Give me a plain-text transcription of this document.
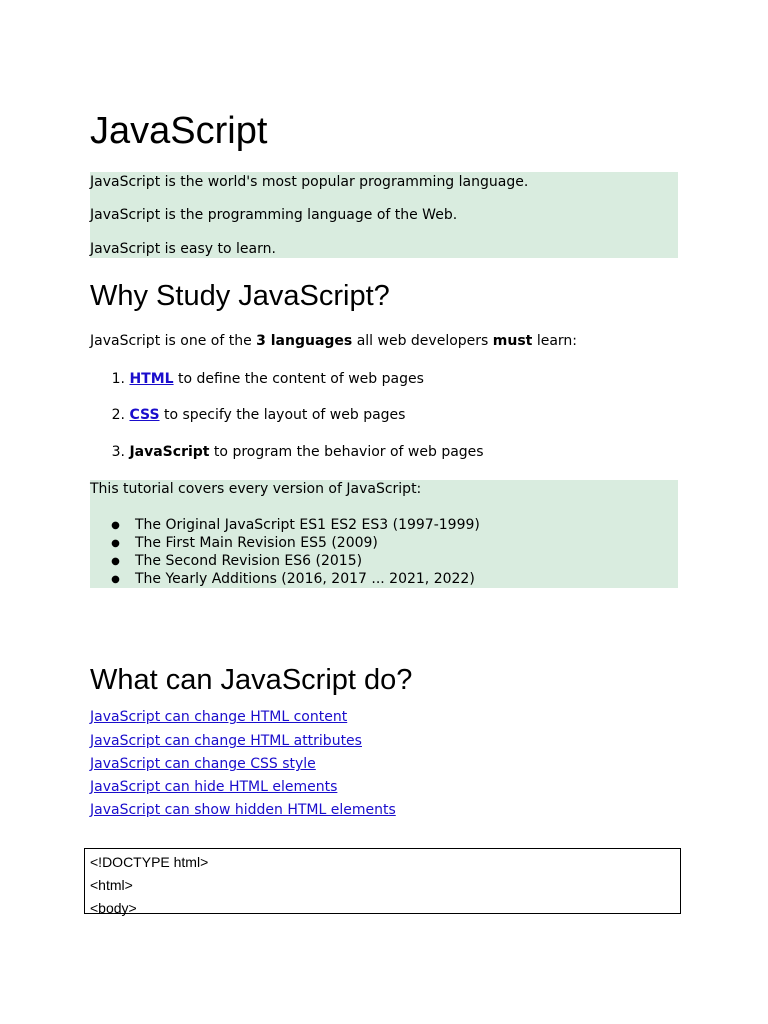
JavaScript

JavaScript is the world's most popular programming language.

JavaScript is the programming language of the Web.

JavaScript is easy to learn.

Why Study JavaScript?

JavaScript is one of the 3 languages all web developers must learn:

1. HTML to define the content of web pages
2. CSS to specify the layout of web pages
3. JavaScript to program the behavior of web pages

This tutorial covers every version of JavaScript:

● The Original JavaScript ES1 ES2 ES3 (1997-1999)
● The First Main Revision ES5 (2009)
● The Second Revision ES6 (2015)
● The Yearly Additions (2016, 2017 ... 2021, 2022)
What can JavaScript do?
JavaScript can change HTML content
JavaScript can change HTML attributes
JavaScript can change CSS style
JavaScript can hide HTML elements
JavaScript can show hidden HTML elements
<!DOCTYPE html>
<html>
<body>
